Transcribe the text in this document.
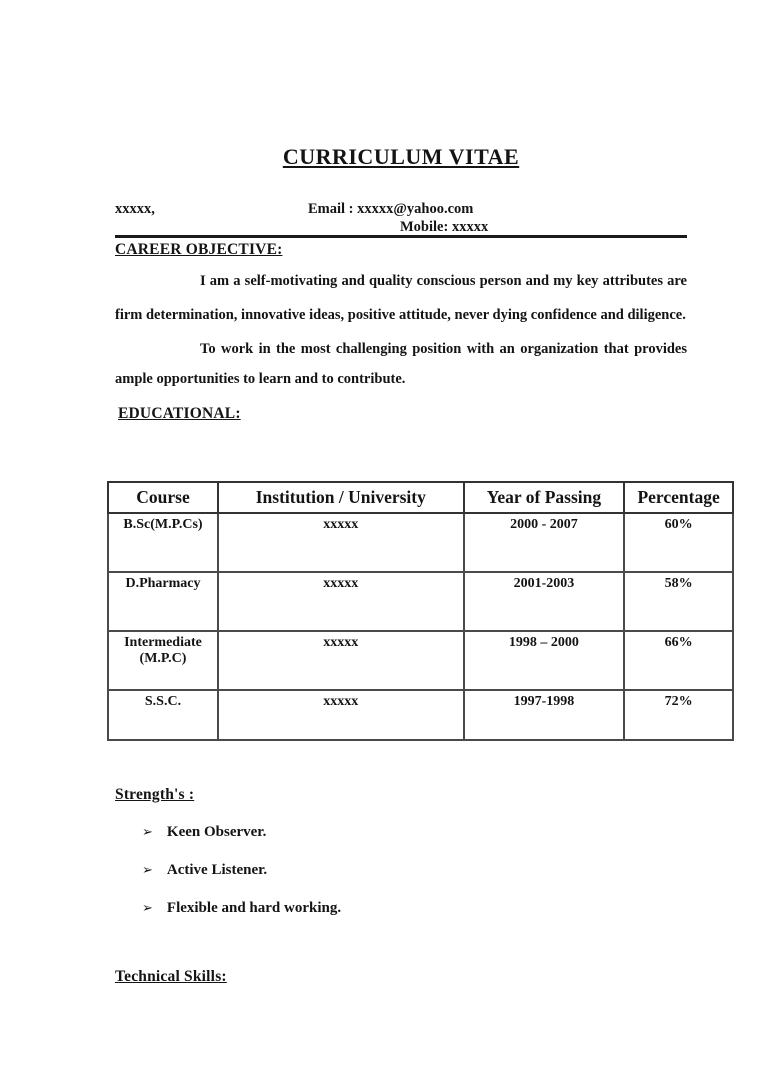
CURRICULUM VITAE
xxxxx,	Email : xxxxx@yahoo.com
Mobile: xxxxx
CAREER OBJECTIVE:
I am a self-motivating and quality conscious person and my key attributes are
firm determination, innovative ideas, positive attitude, never dying confidence and diligence.
To work in the most challenging position with an organization that provides
ample opportunities to learn and to contribute.
EDUCATIONAL:
Course	Institution / University	Year of Passing	Percentage
B.Sc(M.P.Cs)	xxxxx	2000 - 2007	60%
D.Pharmacy	xxxxx	2001-2003	58%
Intermediate (M.P.C)	xxxxx	1998 – 2000	66%
S.S.C.	xxxxx	1997-1998	72%
Strength's :
➢ Keen Observer.
➢ Active Listener.
➢ Flexible and hard working.
Technical Skills:
